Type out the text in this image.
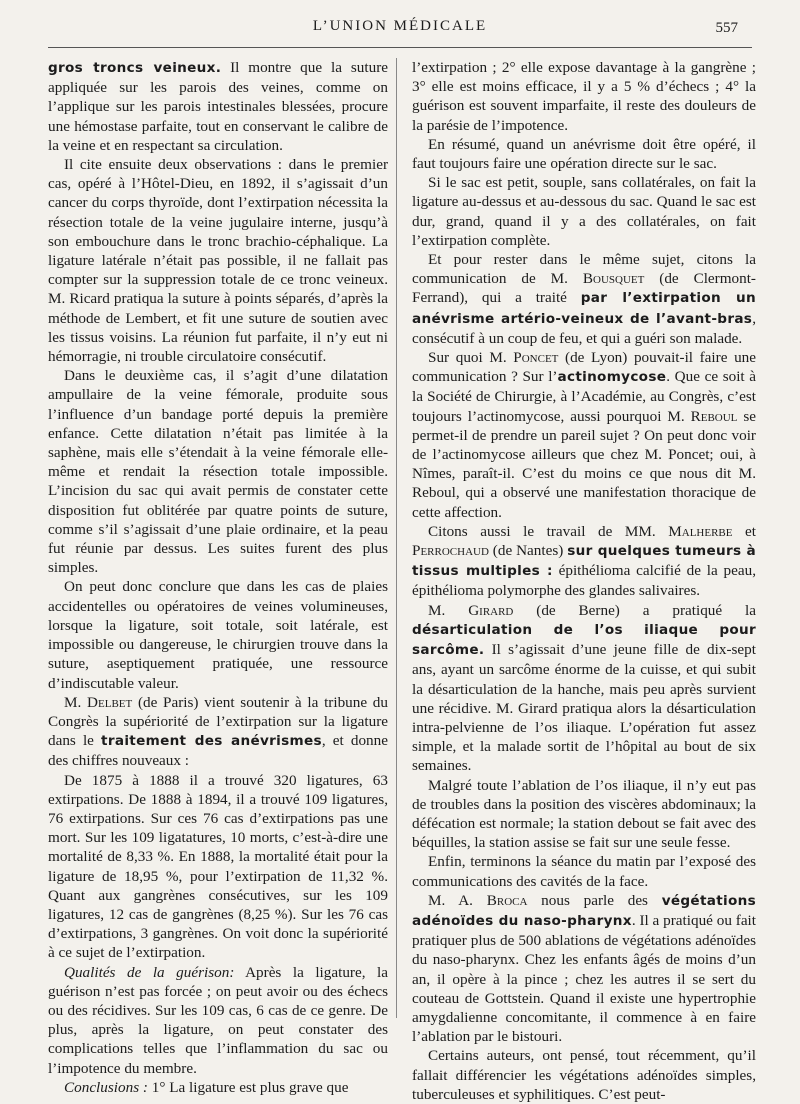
L’UNION MÉDICALE	557

gros troncs veineux. Il montre que la suture appliquée sur les parois des veines, comme on l’applique sur les parois intestinales blessées, procure une hémostase parfaite, tout en conservant le calibre de la veine et en respectant sa circulation.

Il cite ensuite deux observations : dans le premier cas, opéré à l’Hôtel-Dieu, en 1892, il s’agissait d’un cancer du corps thyroïde, dont l’extirpation nécessita la résection totale de la veine jugulaire interne, jusqu’à son embouchure dans le tronc brachio-céphalique. La ligature latérale n’était pas possible, il ne fallait pas compter sur la suppression totale de ce tronc veineux. M. Ricard pratiqua la suture à points séparés, d’après la méthode de Lembert, et fit une suture de soutien avec les tissus voisins. La réunion fut parfaite, il n’y eut ni hémorragie, ni trouble circulatoire consécutif.

Dans le deuxième cas, il s’agit d’une dilatation ampullaire de la veine fémorale, produite sous l’influence d’un bandage porté depuis la première enfance. Cette dilatation n’était pas limitée à la saphène, mais elle s’étendait à la veine fémorale elle-même et rendait la résection totale impossible. L’incision du sac qui avait permis de constater cette disposition fut oblitérée par quatre points de suture, comme s’il s’agissait d’une plaie ordinaire, et la peau fut réunie par dessus. Les suites furent des plus simples.

On peut donc conclure que dans les cas de plaies accidentelles ou opératoires de veines volumineuses, lorsque la ligature, soit totale, soit latérale, est impossible ou dangereuse, le chirurgien trouve dans la suture, aseptiquement pratiquée, une ressource d’indiscutable valeur.

M. Delbet (de Paris) vient soutenir à la tribune du Congrès la supériorité de l’extirpation sur la ligature dans le traitement des anévrismes, et donne des chiffres nouveaux :

De 1875 à 1888 il a trouvé 320 ligatures, 63 extirpations. De 1888 à 1894, il a trouvé 109 ligatures, 76 extirpations. Sur ces 76 cas d’extirpations pas une mort. Sur les 109 ligatatures, 10 morts, c’est-à-dire une mortalité de 8,33 %. En 1888, la mortalité était pour la ligature de 18,95 %, pour l’extirpation de 11,32 %. Quant aux gangrènes consécutives, sur les 109 ligatures, 12 cas de gangrènes (8,25 %). Sur les 76 cas d’extirpations, 3 gangrènes. On voit donc la supériorité à ce sujet de l’extirpation.

Qualités de la guérison: Après la ligature, la guérison n’est pas forcée ; on peut avoir ou des échecs ou des récidives. Sur les 109 cas, 6 cas de ce genre. De plus, après la ligature, on peut constater des complications telles que l’inflammation du sac ou l’impotence du membre.

Conclusions : 1° La ligature est plus grave que

l’extirpation ; 2° elle expose davantage à la gangrène ; 3° elle est moins efficace, il y a 5 % d’échecs ; 4° la guérison est souvent imparfaite, il reste des douleurs de la parésie de l’impotence.

En résumé, quand un anévrisme doit être opéré, il faut toujours faire une opération directe sur le sac.

Si le sac est petit, souple, sans collatérales, on fait la ligature au-dessus et au-dessous du sac. Quand le sac est dur, grand, quand il y a des collatérales, on fait l’extirpation complète.

Et pour rester dans le même sujet, citons la communication de M. Bousquet (de Clermont-Ferrand), qui a traité par l’extirpation un anévrisme artério-veineux de l’avant-bras, consécutif à un coup de feu, et qui a guéri son malade.

Sur quoi M. Poncet (de Lyon) pouvait-il faire une communication ? Sur l’actinomycose. Que ce soit à la Société de Chirurgie, à l’Académie, au Congrès, c’est toujours l’actinomycose, aussi pourquoi M. Reboul se permet-il de prendre un pareil sujet ? On peut donc voir de l’actinomycose ailleurs que chez M. Poncet; oui, à Nîmes, paraît-il. C’est du moins ce que nous dit M. Reboul, qui a observé une manifestation thoracique de cette affection.

Citons aussi le travail de MM. Malherbe et Perrochaud (de Nantes) sur quelques tumeurs à tissus multiples : épithélioma calcifié de la peau, épithélioma polymorphe des glandes salivaires.

M. Girard (de Berne) a pratiqué la désarticulation de l’os iliaque pour sarcôme. Il s’agissait d’une jeune fille de dix-sept ans, ayant un sarcôme énorme de la cuisse, et qui subit la désarticulation de la hanche, mais peu après survient une récidive. M. Girard pratiqua alors la désarticulation intra-pelvienne de l’os iliaque. L’opération fut assez simple, et la malade sortit de l’hôpital au bout de six semaines.

Malgré toute l’ablation de l’os iliaque, il n’y eut pas de troubles dans la position des viscères abdominaux; la défécation est normale; la station debout se fait avec des béquilles, la station assise se fait sur une seule fesse.

Enfin, terminons la séance du matin par l’exposé des communications des cavités de la face.

M. A. Broca nous parle des végétations adénoïdes du naso-pharynx. Il a pratiqué ou fait pratiquer plus de 500 ablations de végétations adénoïdes du naso-pharynx. Chez les enfants âgés de moins d’un an, il opère à la pince ; chez les autres il se sert du couteau de Gottstein. Quand il existe une hypertrophie amygdalienne concomitante, il commence à en faire l’ablation par le bistouri.

Certains auteurs, ont pensé, tout récemment, qu’il fallait différencier les végétations adénoïdes simples, tuberculeuses et syphilitiques. C’est peut-
